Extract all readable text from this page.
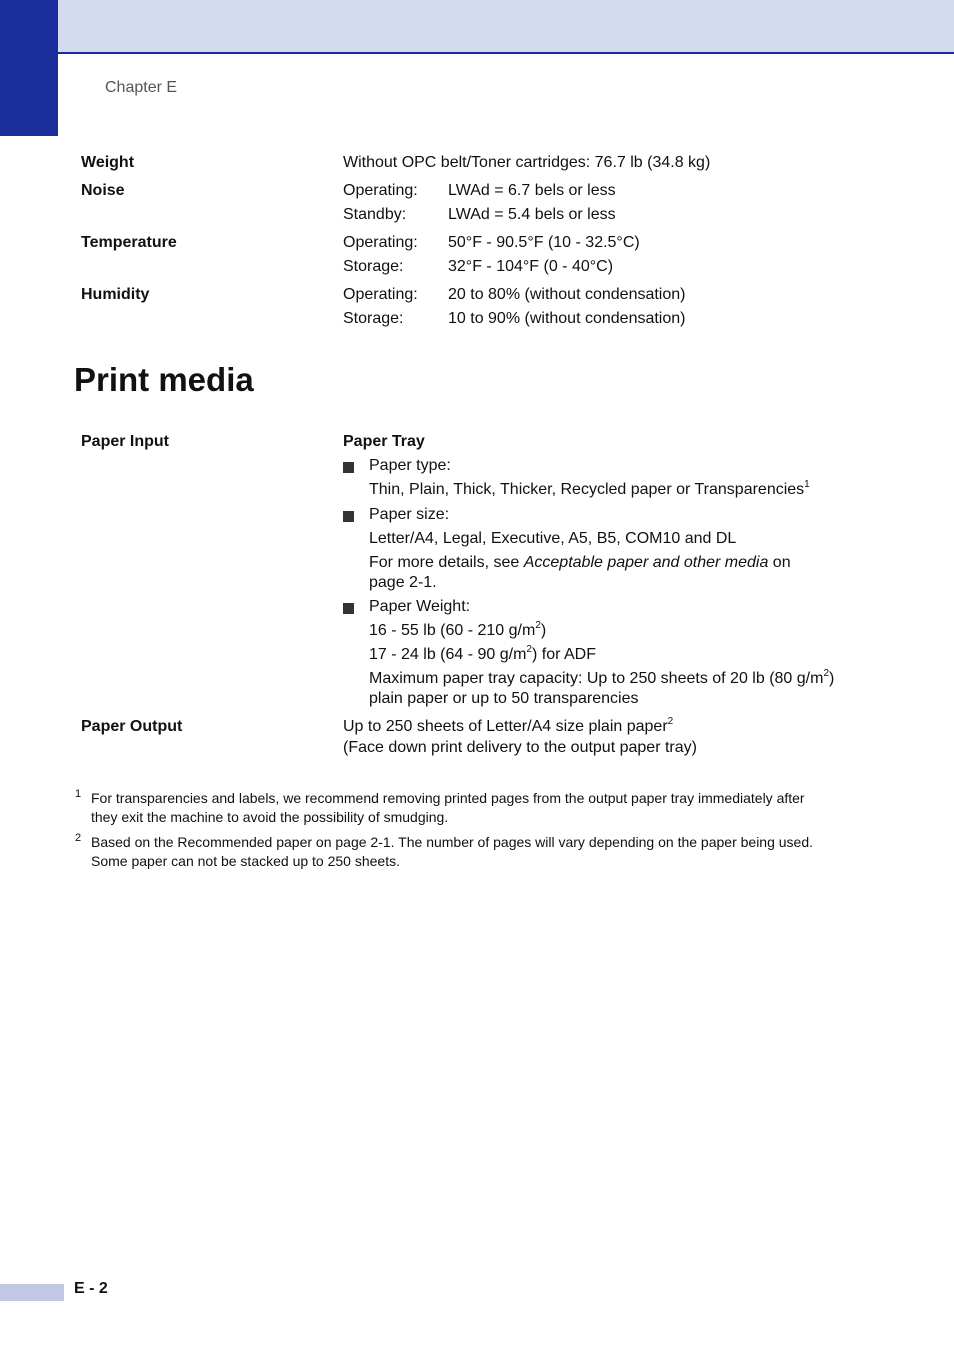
Chapter E
Weight	Without OPC belt/Toner cartridges: 76.7 lb (34.8 kg)
Noise	Operating: LWAd = 6.7 bels or less
Standby:	LWAd = 5.4 bels or less
Temperature	Operating: 50°F - 90.5°F (10 - 32.5°C)
Storage:	32°F - 104°F (0 - 40°C)
Humidity	Operating: 20 to 80% (without condensation)
Storage:	10 to 90% (without condensation)
Print media
Paper Input	Paper Tray
Paper type:
Thin, Plain, Thick, Thicker, Recycled paper or Transparencies$^1$
Paper size:
Letter/A4, Legal, Executive, A5, B5, COM10 and DL
For more details, see Acceptable paper and other media on
page 2-1.
Paper Weight:
16 - 55 lb (60 - 210 $g/m^2$)
17 - 24 lb (64 - 90 $g/m^2$) for ADF
Maximum paper tray capacity: Up to 250 sheets of 20 lb (80 $g/m^2$)
plain paper or up to 50 transparencies
Paper Output	Up to 250 sheets of Letter/A4 size plain paper$^2$
(Face down print delivery to the output paper tray)
1 For transparencies and labels, we recommend removing printed pages from the output paper tray immediately after
they exit the machine to avoid the possibility of smudging.
2 Based on the Recommended paper on page 2-1. The number of pages will vary depending on the paper being used.
Some paper can not be stacked up to 250 sheets.
E - 2
